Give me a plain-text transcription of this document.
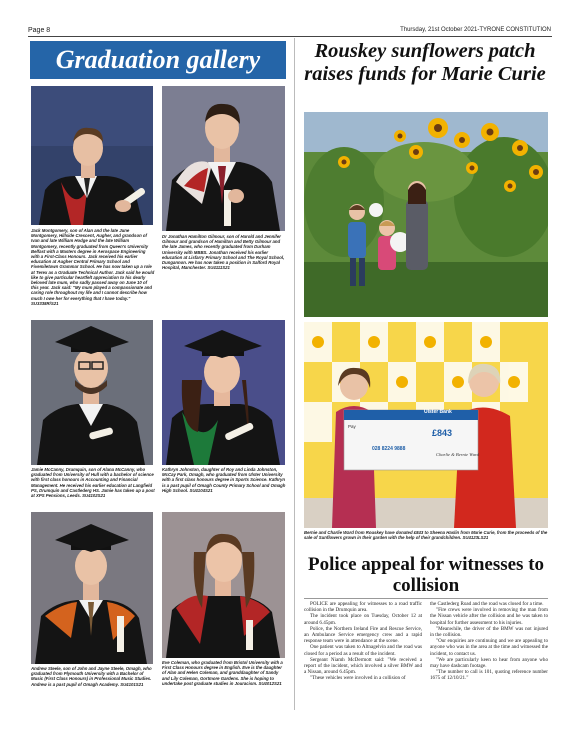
Page 8	Thursday, 21st October 2021-TYRONE CONSTITUTION
Graduation gallery
Jack Montgomery, son of Alan and the late June Montgomery, Hillside Crescent, Augher, and grandson of Ivan and late William Hodge and the late William Montgomery, recently graduated from Queen's University Belfast with a Masters degree in Aerospace Engineering with a First-Class Honours. Jack received his earlier education at Augher Central Primary School and Fivemiletown Grammar School. He has now taken up a role at Terex as a Graduate Technical Author. Jack said he would like to give particular heartfelt appreciation to his dearly beloved late mum, who sadly passed away on June 10 of this year. Jack said: "My mum played a compassionate and caring role throughout my life and I cannot describe how much I owe her for everything that I have today." SU3338R/S21
Dr Jonathan Hamilton Gilmour, son of Harold and Jennifer Gilmour and grandson of Hamilton and Betty Gilmour and the late James, who recently graduated from Durham University with MBBS. Jonathan received his earlier education at Lisfarry Primary School and The Royal School, Dungannon. He has now taken a position in Salford Royal Hospital, Manchester. SU4111S21
Jamie McCanny, Drumquin, son of Alana McCanny, who graduated from University of Hull with a bachelor of science with first class honours in Accounting and Financial Management. He received his earlier education at Langfield PS, Drumquin and Castlederg HS. Jamie has taken up a post at XPS Pensions, Leeds. SU4102S21
Kathryn Johnston, daughter of Roy and Linda Johnston, McCay Park, Omagh, who graduated from Ulster University with a first class honours degree in Sports Science. Kathryn is a past pupil of Omagh County Primary School and Omagh High School. SU4104S21
Andrew Steele, son of John and Jayne Steele, Omagh, who graduated from Plymouth University with a Bachelor of Music (First Class Honours) in Professional Music Studies. Andrew is a past pupil of Omagh Academy. SU4101S21
Eve Coleman, who graduated from Bristol University with a First Class Honours degree in English. Eve is the daughter of Alan and Helen Coleman, and granddaughter of Sandy and Lily Coleman, Gortmore Gardens. She is hoping to undertake post graduate studies in Jouracism. SU4012S21
Rouskey sunflowers patch raises funds for Marie Curie
Ulster Bank
Pay
£843
028 8224 9888
Charlie & Bernie Ward
Bernie and Charlie Ward from Rouskey have donated £843 to Sheena Haslin from Marie Curie, from the proceeds of the sale of Sunflowers grown in their garden with the help of their grandchildren. SU4123LS21
Police appeal for witnesses to collision

POLICE are appealing for witnesses to a road traffic collision in the Drumquin area.

The incident took place on Tuesday, October 12 at around 6.45pm.

Police, the Northern Ireland Fire and Rescue Service, an Ambulance Service emergency crew and a rapid response team were in attendance at the scene.

One patient was taken to Altnagelvin and the road was closed for a period as a result of the incident.

Sergeant Niamh McDermott said: "We received a report of the incident, which involved a silver BMW and a Nissan, around 6.45pm.

"These vehicles were involved in a collision of

the Castlederg Road and the road was closed for a time.

"Fire crews were involved in removing the man from the Nissan vehicle after the collision and he was taken to hospital for further assessment to his injuries.

"Meanwhile, the driver of the BMW was not injured in the collision.

"Our enquiries are continuing and we are appealing to anyone who was in the area at the time and witnessed the incident, to contact us.

"We are particularly keen to hear from anyone who may have dashcam footage.

"The number to call is 101, quoting reference number 1675 of 12/10/21."
